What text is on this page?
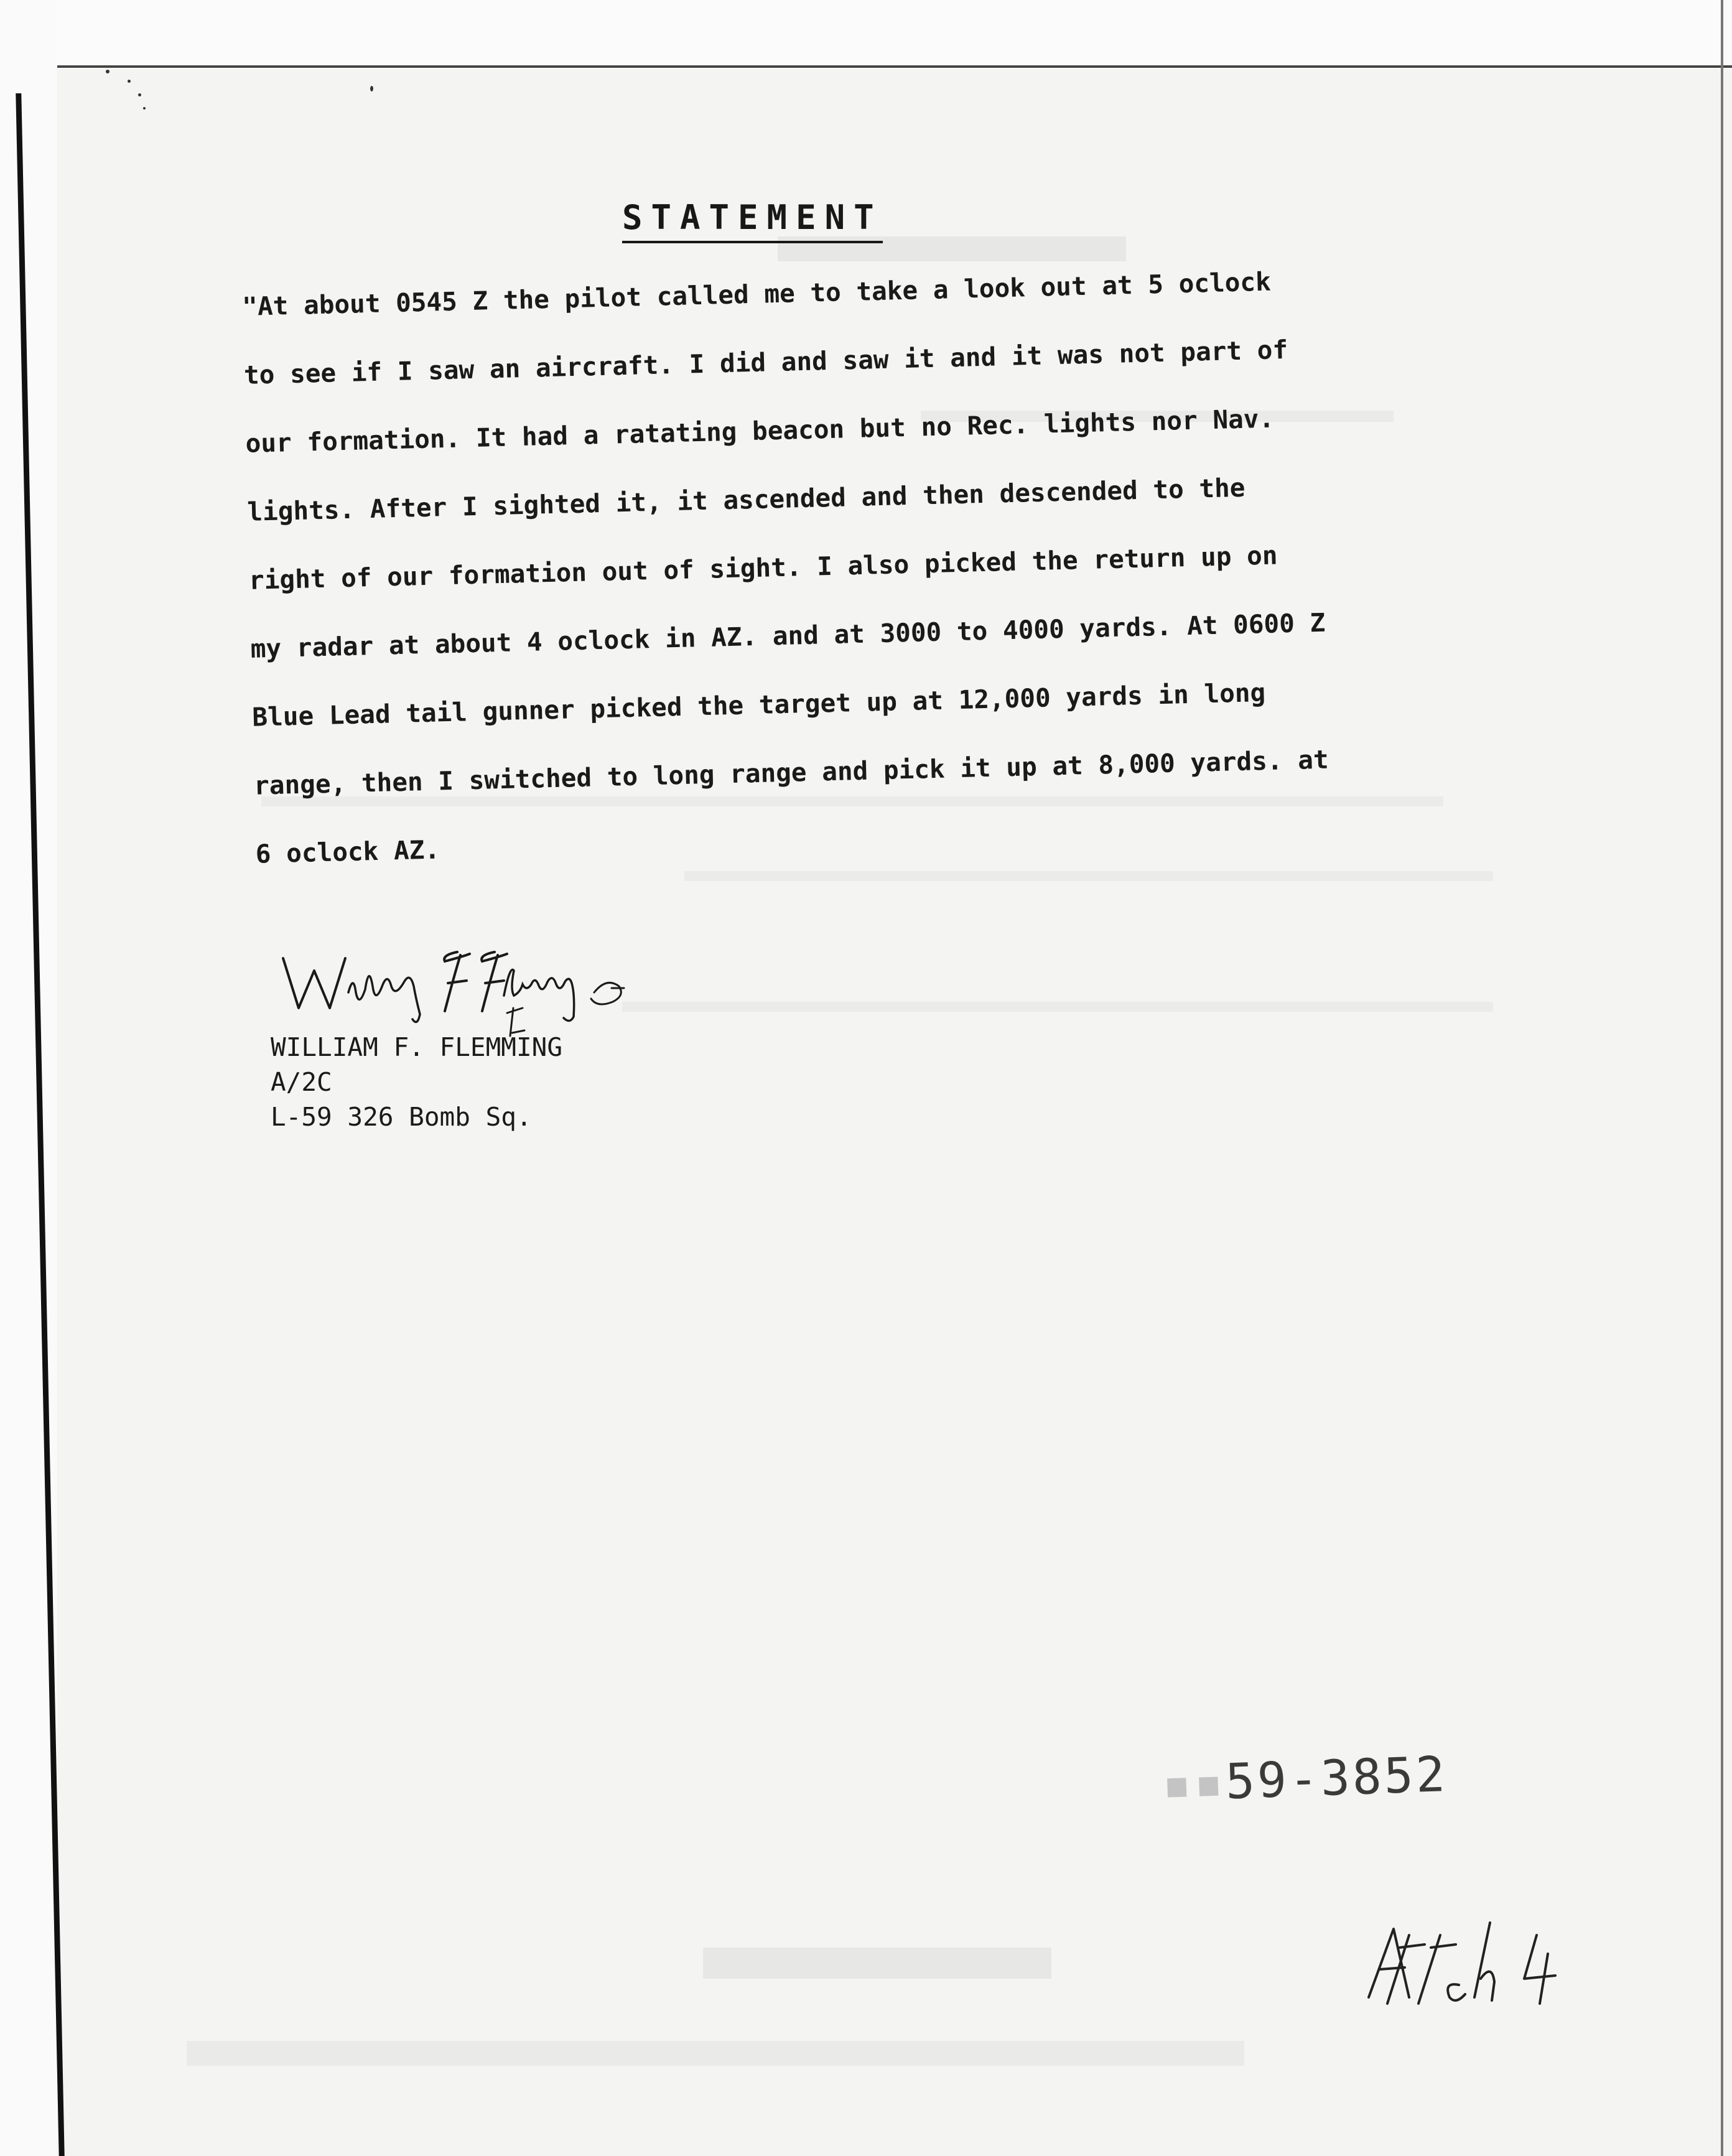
STATEMENT
"At about 0545 Z the pilot called me to take a look out at 5 oclock
to see if I saw an aircraft. I did and saw it and it was not part of
our formation. It had a ratating beacon but no Rec. lights nor Nav.
lights. After I sighted it, it ascended and then descended to the
right of our formation out of sight. I also picked the return up on
my radar at about 4 oclock in AZ. and at 3000 to 4000 yards. At 0600 Z
Blue Lead tail gunner picked the target up at 12,000 yards in long
range, then I switched to long range and pick it up at 8,000 yards. at
6 oclock AZ.
WILLIAM F. FLEMMING
A/2C
L-59 326 Bomb Sq.
▪▪59-3852
